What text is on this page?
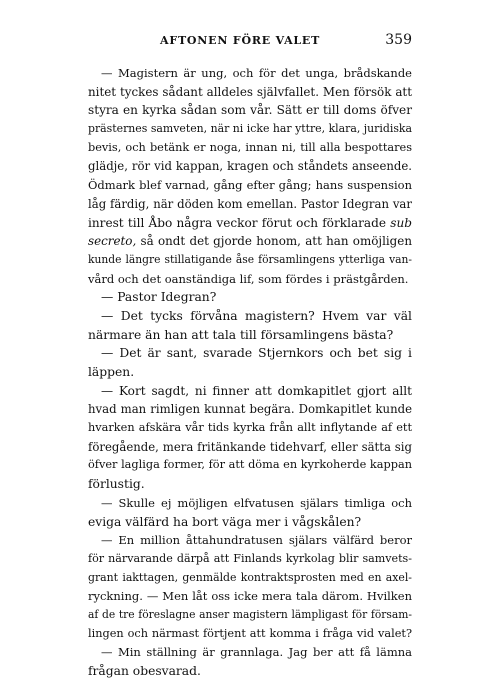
AFTONEN FÖRE VALET	359
— Magistern är ung, och för det unga, brådskande
nitet tyckes sådant alldeles självfallet. Men försök att
styra en kyrka sådan som vår. Sätt er till doms öfver
prästernes samveten, när ni icke har yttre, klara, juridiska
bevis, och betänk er noga, innan ni, till alla bespottares
glädje, rör vid kappan, kragen och ståndets anseende.
Ödmark blef varnad, gång efter gång; hans suspension
låg färdig, när döden kom emellan. Pastor Idegran var
inrest till Åbo några veckor förut och förklarade sub
secreto, så ondt det gjorde honom, att han omöjligen
kunde längre stillatigande åse församlingens ytterliga van-
vård och det oanständiga lif, som fördes i prästgården.
— Pastor Idegran?
— Det tycks förvåna magistern? Hvem var väl
närmare än han att tala till församlingens bästa?
— Det är sant, svarade Stjernkors och bet sig i
läppen.
— Kort sagdt, ni finner att domkapitlet gjort allt
hvad man rimligen kunnat begära. Domkapitlet kunde
hvarken afskära vår tids kyrka från allt inflytande af ett
föregående, mera fritänkande tidehvarf, eller sätta sig
öfver lagliga former, för att döma en kyrkoherde kappan
förlustig.
— Skulle ej möjligen elfvatusen själars timliga och
eviga välfärd ha bort väga mer i vågskålen?
— En million åttahundratusen själars välfärd beror
för närvarande därpå att Finlands kyrkolag blir samvets-
grant iakttagen, genmälde kontraktsprosten med en axel-
ryckning. — Men låt oss icke mera tala därom. Hvilken
af de tre föreslagne anser magistern lämpligast för försam-
lingen och närmast förtjent att komma i fråga vid valet?
— Min ställning är grannlaga. Jag ber att få lämna
frågan obesvarad.
